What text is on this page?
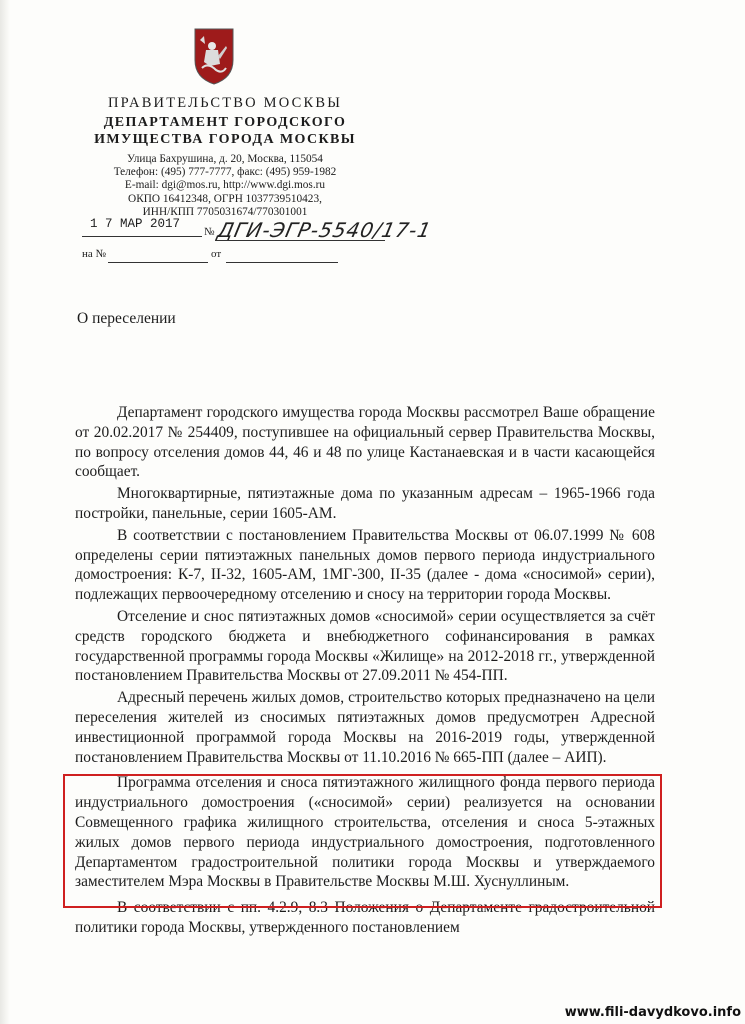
ПРАВИТЕЛЬСТВО МОСКВЫ
ДЕПАРТАМЕНТ ГОРОДСКОГО
ИМУЩЕСТВА ГОРОДА МОСКВЫ
Улица Бахрушина, д. 20, Москва, 115054
Телефон: (495) 777-7777, факс: (495) 959-1982
E-mail: dgi@mos.ru, http://www.dgi.mos.ru
ОКПО 16412348, ОГРН 1037739510423,
ИНН/КПП 7705031674/770301001
1 7 МАР 2017
№ ДГИ-ЭГР-5540/17-1
на №	от
О переселении

Департамент городского имущества города Москвы рассмотрел Ваше обращение от 20.02.2017 № 254409, поступившее на официальный сервер Правительства Москвы, по вопросу отселения домов 44, 46 и 48 по улице Кастанаевская и в части касающейся сообщает.

Многоквартирные, пятиэтажные дома по указанным адресам – 1965-1966 года постройки, панельные, серии 1605-АМ.

В соответствии с постановлением Правительства Москвы от 06.07.1999 № 608 определены серии пятиэтажных панельных домов первого периода индустриального домостроения: К-7, II-32, 1605-АМ, 1МГ-300, II-35 (далее - дома «сносимой» серии), подлежащих первоочередному отселению и сносу на территории города Москвы.

Отселение и снос пятиэтажных домов «сносимой» серии осуществляется за счёт средств городского бюджета и внебюджетного софинансирования в рамках государственной программы города Москвы «Жилище» на 2012-2018 гг., утвержденной постановлением Правительства Москвы от 27.09.2011 № 454-ПП.

Адресный перечень жилых домов, строительство которых предназначено на цели переселения жителей из сносимых пятиэтажных домов предусмотрен Адресной инвестиционной программой города Москвы на 2016-2019 годы, утвержденной постановлением Правительства Москвы от 11.10.2016 № 665-ПП (далее – АИП).

Программа отселения и сноса пятиэтажного жилищного фонда первого периода индустриального домостроения («сносимой» серии) реализуется на основании Совмещенного графика жилищного строительства, отселения и сноса 5-этажных жилых домов первого периода индустриального домостроения, подготовленного Департаментом градостроительной политики города Москвы и утверждаемого заместителем Мэра Москвы в Правительстве Москвы М.Ш. Хуснуллиным.

В соответствии с пп. 4.2.9, 8.3 Положения о Департаменте градостроительной политики города Москвы, утвержденного постановлением

www.fili-davydkovo.info
